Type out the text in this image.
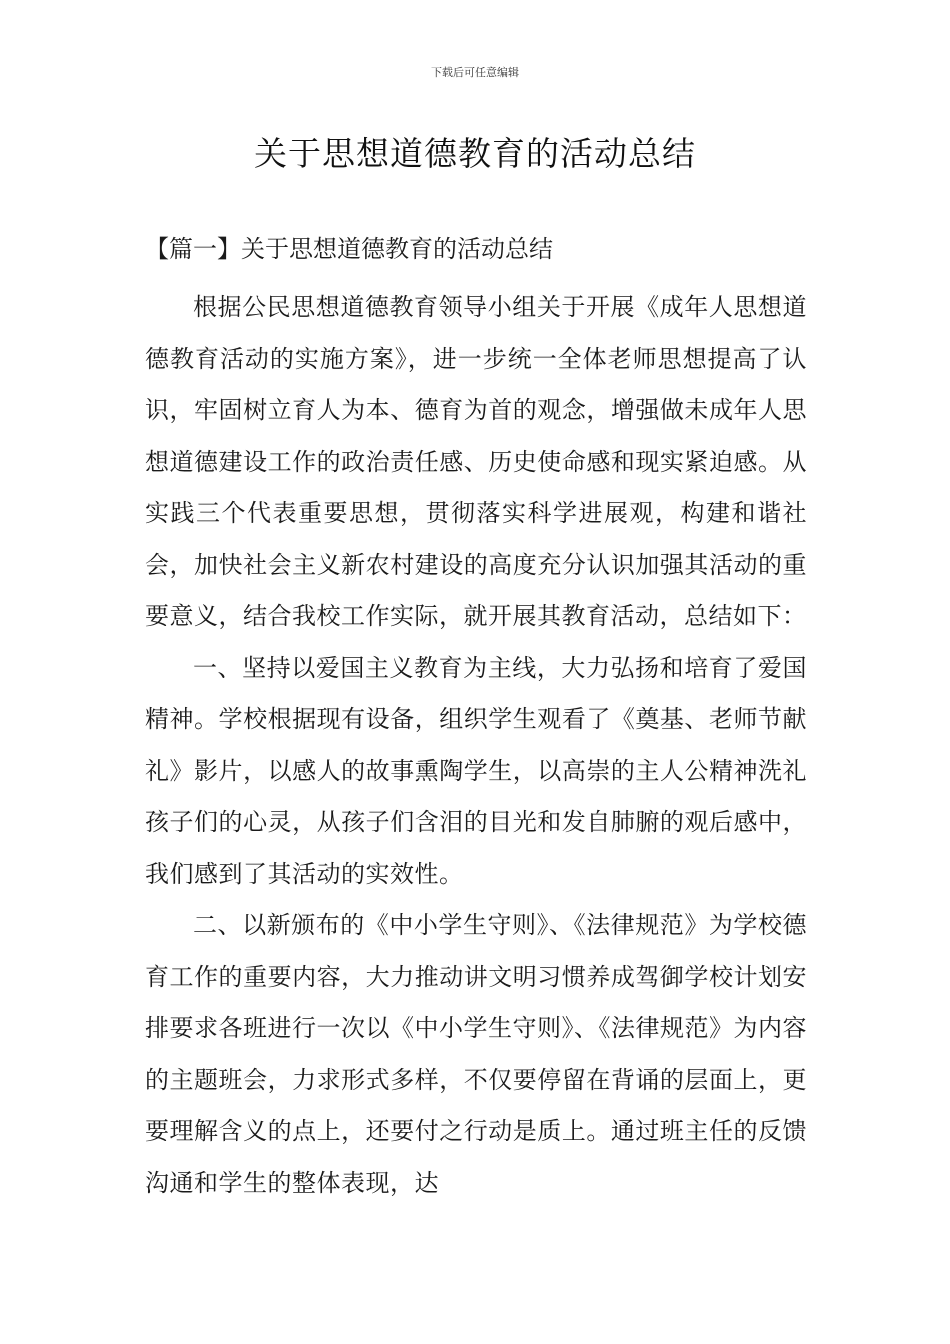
下载后可任意编辑
关于思想道德教育的活动总结
【篇一】关于思想道德教育的活动总结

根据公民思想道德教育领导小组关于开展《成年人思想道德教育活动的实施方案》，进一步统一全体老师思想提高了认识，牢固树立育人为本、德育为首的观念，增强做未成年人思想道德建设工作的政治责任感、历史使命感和现实紧迫感。从实践三个代表重要思想，贯彻落实科学进展观，构建和谐社会，加快社会主义新农村建设的高度充分认识加强其活动的重要意义，结合我校工作实际，就开展其教育活动，总结如下：

一、坚持以爱国主义教育为主线，大力弘扬和培育了爱国精神。学校根据现有设备，组织学生观看了《奠基、老师节献礼》影片，以感人的故事熏陶学生，以高崇的主人公精神洗礼孩子们的心灵，从孩子们含泪的目光和发自肺腑的观后感中，我们感到了其活动的实效性。

二、以新颁布的《中小学生守则》、《法律规范》为学校德育工作的重要内容，大力推动讲文明习惯养成驾御学校计划安排要求各班进行一次以《中小学生守则》、《法律规范》为内容的主题班会，力求形式多样，不仅要停留在背诵的层面上，更要理解含义的点上，还要付之行动是质上。通过班主任的反馈沟通和学生的整体表现，达
